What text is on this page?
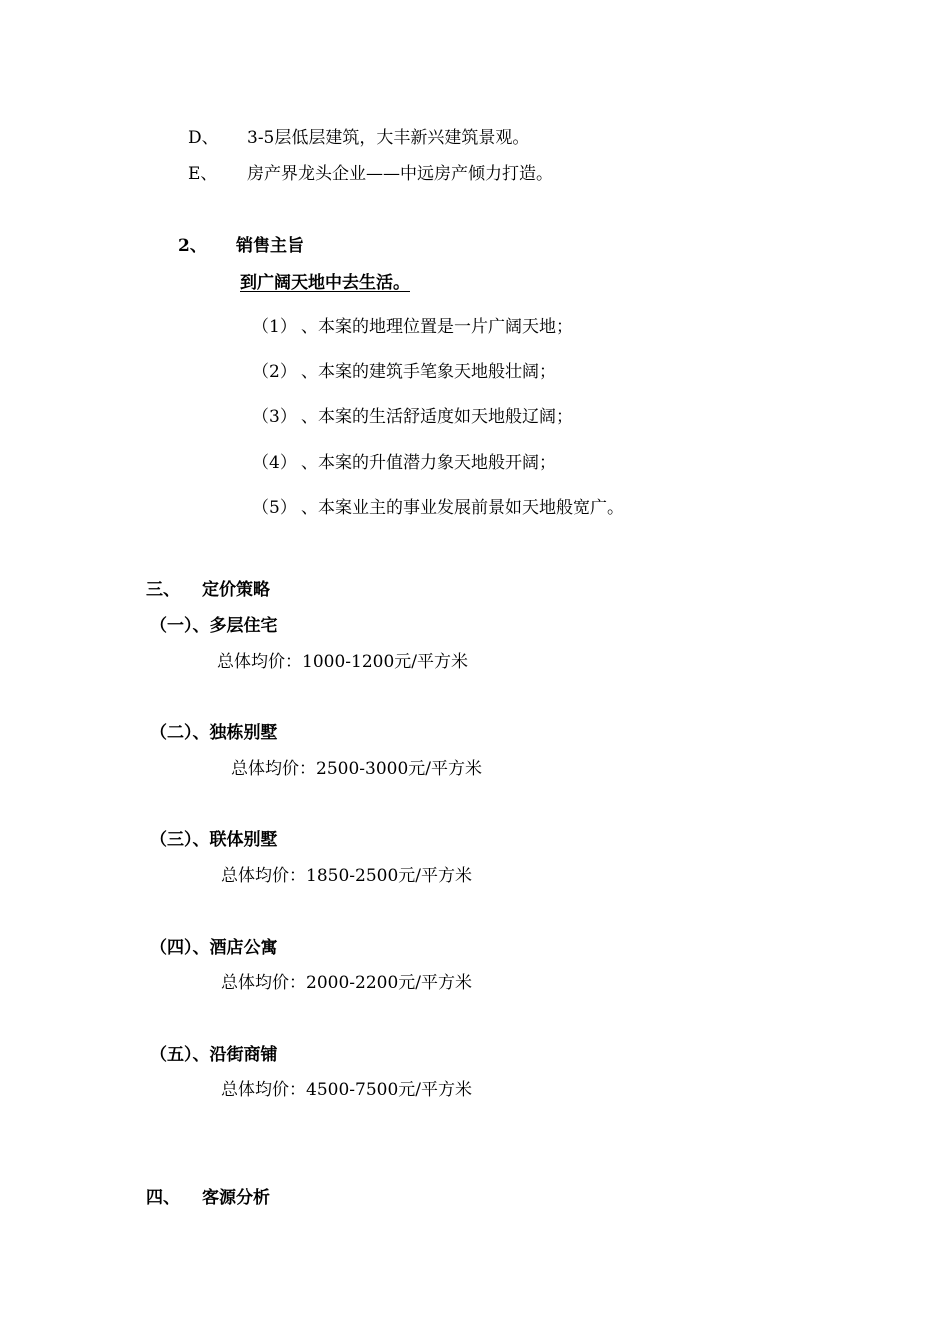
D、 3-5层低层建筑，大丰新兴建筑景观。
E、 房产界龙头企业——中远房产倾力打造。
2、 销售主旨
到广阔天地中去生活。
（1） 、本案的地理位置是一片广阔天地；
（2） 、本案的建筑手笔象天地般壮阔；
（3） 、本案的生活舒适度如天地般辽阔；
（4） 、本案的升值潜力象天地般开阔；
（5） 、本案业主的事业发展前景如天地般宽广。
三、 定价策略
（一）、多层住宅
总体均价：1000-1200元/平方米
（二）、独栋别墅
总体均价：2500-3000元/平方米
（三）、联体别墅
总体均价：1850-2500元/平方米
（四）、酒店公寓
总体均价：2000-2200元/平方米
（五）、沿街商铺
总体均价：4500-7500元/平方米
四、 客源分析
